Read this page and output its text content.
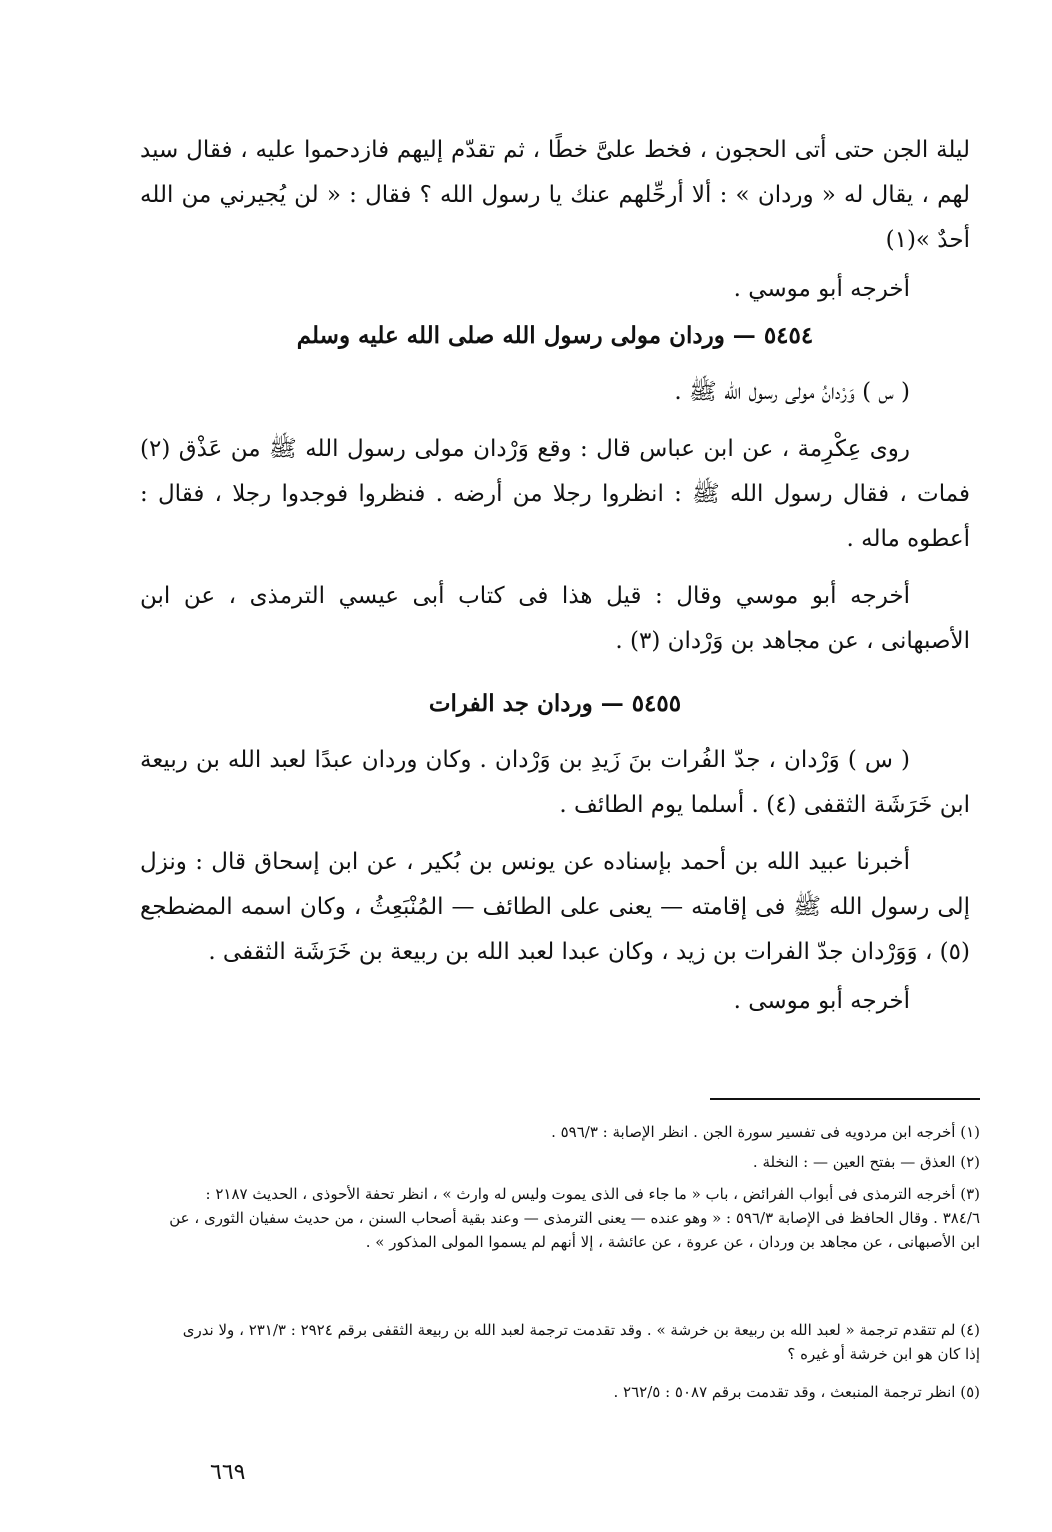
ليلة الجن حتى أتى الحجون ، فخط علىَّ خطًا ، ثم تقدّم إليهم فازدحموا عليه ، فقال سيد لهم ، يقال له « وردان » : ألا أرحِّلهم عنك يا رسول الله ؟ فقال : « لن يُجيرني من الله أحدٌ »(١)

أخرجه أبو موسي .

٥٤٥٤ — وردان مولى رسول الله صلى الله عليه وسلم

( س ) وَرْدانُ مولى رسول الله ﷺ .

روى عِكْرِمة ، عن ابن عباس قال : وقع وَرْدان مولى رسول الله ﷺ من عَذْق (٢) فمات ، فقال رسول الله ﷺ : انظروا رجلا من أرضه . فنظروا فوجدوا رجلا ، فقال : أعطوه ماله .

أخرجه أبو موسي وقال : قيل هذا فى كتاب أبى عيسي الترمذى ، عن ابن الأصبهانى ، عن مجاهد بن وَرْدان (٣) .

٥٤٥٥ — وردان جد الفرات

( س ) وَرْدان ، جدّ الفُرات بنَ زَيدِ بن وَرْدان . وكان وردان عبدًا لعبد الله بن ربيعة ابن خَرَشَة الثقفى (٤) . أسلما يوم الطائف .

أخبرنا عبيد الله بن أحمد بإسناده عن يونس بن بُكير ، عن ابن إسحاق قال : ونزل إلى رسول الله ﷺ فى إقامته — يعنى على الطائف — المُنْبَعِثُ ، وكان اسمه المضطجع (٥) ، وَوَرْدان جدّ الفرات بن زيد ، وكان عبدا لعبد الله بن ربيعة بن خَرَشَة الثقفى .

أخرجه أبو موسى .

(١) أخرجه ابن مردويه فى تفسير سورة الجن . انظر الإصابة : ٥٩٦/٣ .

(٢) العذق — بفتح العين — : النخلة .

(٣) أخرجه الترمذى فى أبواب الفرائض ، باب « ما جاء فى الذى يموت وليس له وارث » ، انظر تحفة الأحوذى ، الحديث ٢١٨٧ : ٣٨٤/٦ . وقال الحافظ فى الإصابة ٥٩٦/٣ : « وهو عنده — يعنى الترمذى — وعند بقية أصحاب السنن ، من حديث سفيان الثورى ، عن ابن الأصبهانى ، عن مجاهد بن وردان ، عن عروة ، عن عائشة ، إلا أنهم لم يسموا المولى المذكور » .

(٤) لم تتقدم ترجمة « لعبد الله بن ربيعة بن خرشة » . وقد تقدمت ترجمة لعبد الله بن ربيعة الثقفى برقم ٢٩٢٤ : ٢٣١/٣ ، ولا ندرى إذا كان هو ابن خرشة أو غيره ؟

(٥) انظر ترجمة المنبعث ، وقد تقدمت برقم ٥٠٨٧ : ٢٦٢/٥ .

٦٦٩
